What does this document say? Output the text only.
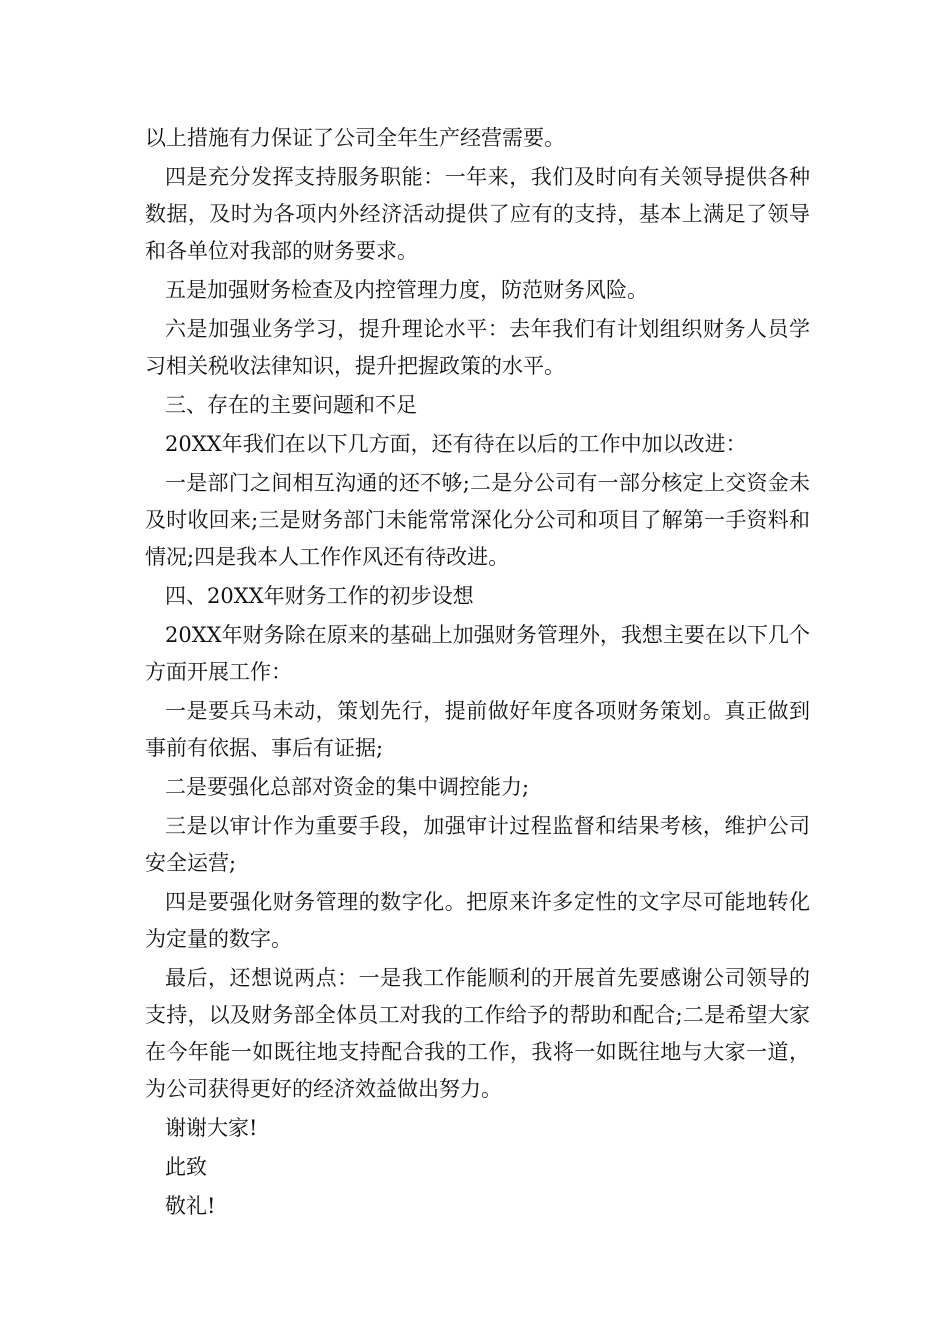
以上措施有力保证了公司全年生产经营需要。

四是充分发挥支持服务职能：一年来，我们及时向有关领导提供各种数据，及时为各项内外经济活动提供了应有的支持，基本上满足了领导和各单位对我部的财务要求。

五是加强财务检查及内控管理力度，防范财务风险。

六是加强业务学习，提升理论水平：去年我们有计划组织财务人员学习相关税收法律知识，提升把握政策的水平。

三、存在的主要问题和不足

20XX年我们在以下几方面，还有待在以后的工作中加以改进：

一是部门之间相互沟通的还不够;二是分公司有一部分核定上交资金未及时收回来;三是财务部门未能常常深化分公司和项目了解第一手资料和情况;四是我本人工作作风还有待改进。

四、20XX年财务工作的初步设想

20XX年财务除在原来的基础上加强财务管理外，我想主要在以下几个方面开展工作：

一是要兵马未动，策划先行，提前做好年度各项财务策划。真正做到事前有依据、事后有证据;

二是要强化总部对资金的集中调控能力;

三是以审计作为重要手段，加强审计过程监督和结果考核，维护公司安全运营;

四是要强化财务管理的数字化。把原来许多定性的文字尽可能地转化为定量的数字。

最后，还想说两点：一是我工作能顺利的开展首先要感谢公司领导的支持，以及财务部全体员工对我的工作给予的帮助和配合;二是希望大家在今年能一如既往地支持配合我的工作，我将一如既往地与大家一道，为公司获得更好的经济效益做出努力。

谢谢大家!

此致

敬礼!
